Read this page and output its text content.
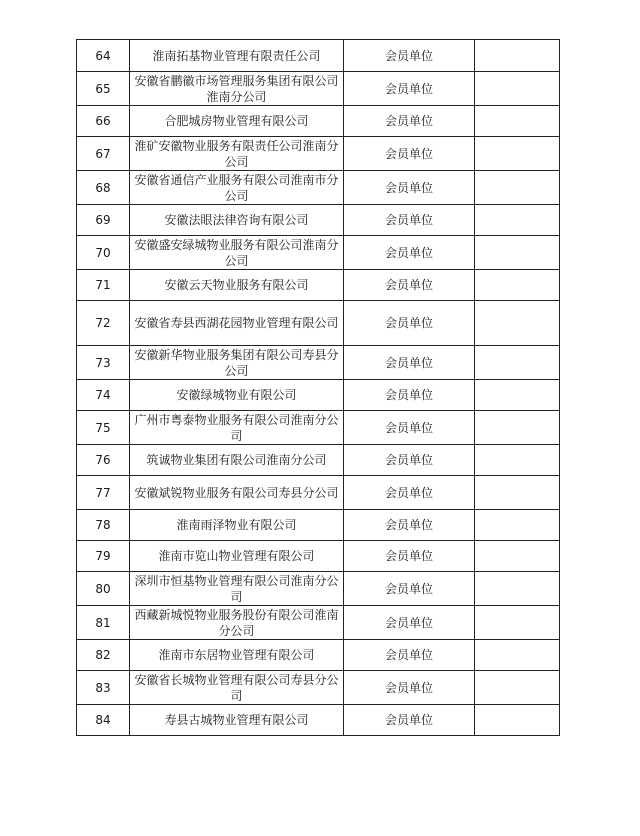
64	淮南拓基物业管理有限责任公司	会员单位	
65	安徽省鹏徽市场管理服务集团有限公司淮南分公司	会员单位	
66	合肥城房物业管理有限公司	会员单位	
67	淮矿安徽物业服务有限责任公司淮南分公司	会员单位	
68	安徽省通信产业服务有限公司淮南市分公司	会员单位	
69	安徽法眼法律咨询有限公司	会员单位	
70	安徽盛安绿城物业服务有限公司淮南分公司	会员单位	
71	安徽云天物业服务有限公司	会员单位	
72	安徽省寿县西湖花园物业管理有限公司	会员单位	
73	安徽新华物业服务集团有限公司寿县分公司	会员单位	
74	安徽绿城物业有限公司	会员单位	
75	广州市粤泰物业服务有限公司淮南分公司	会员单位	
76	筑诚物业集团有限公司淮南分公司	会员单位	
77	安徽斌锐物业服务有限公司寿县分公司	会员单位	
78	淮南雨泽物业有限公司	会员单位	
79	淮南市览山物业管理有限公司	会员单位	
80	深圳市恒基物业管理有限公司淮南分公司	会员单位	
81	西藏新城悦物业服务股份有限公司淮南分公司	会员单位	
82	淮南市东居物业管理有限公司	会员单位	
83	安徽省长城物业管理有限公司寿县分公司	会员单位	
84	寿县古城物业管理有限公司	会员单位	
